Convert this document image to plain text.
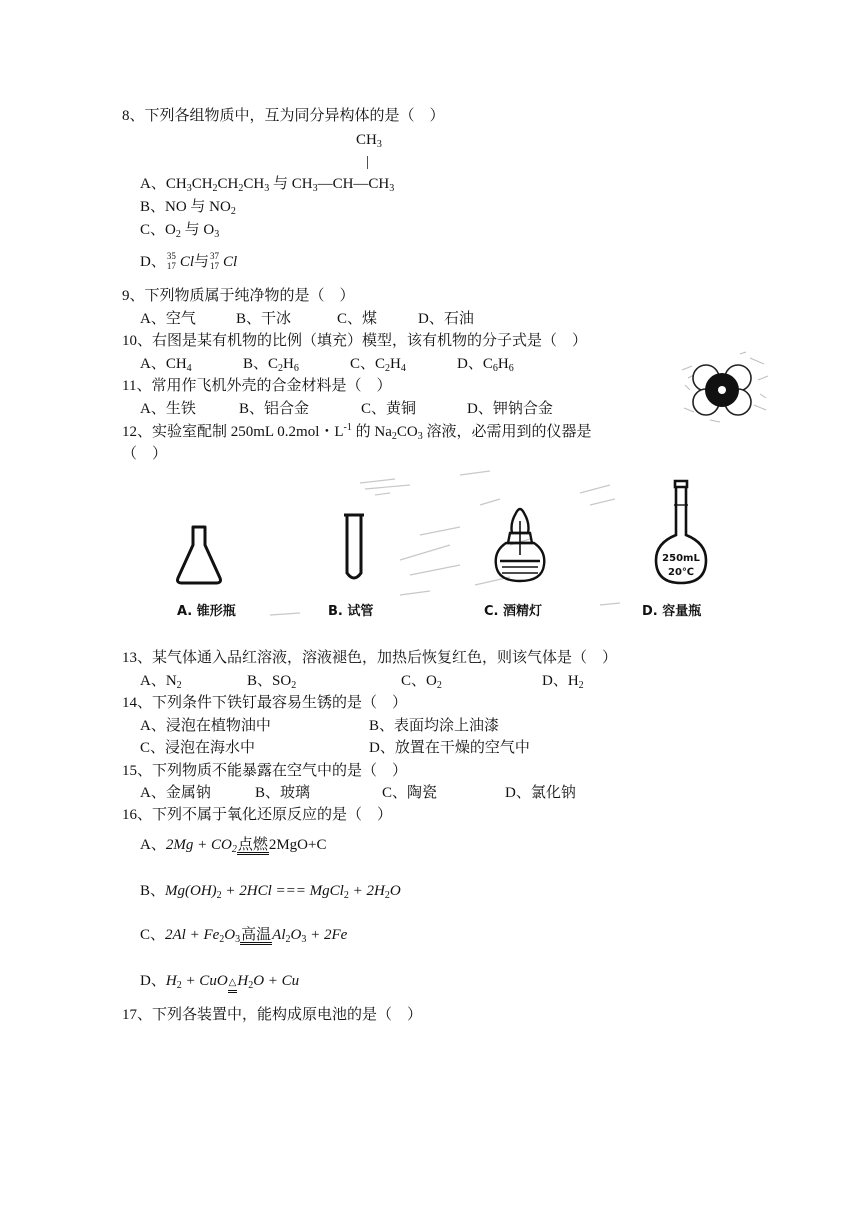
8、下列各组物质中，互为同分异构体的是（　）
$CH_3$
|
A、$CH_3CH_2CH_2CH_3$ 与 $CH_3—CH—CH_3$
B、NO 与 $NO_2$
C、$O_2$ 与 $O_3$
D、 35
17 Cl与 37
17 Cl
9、下列物质属于纯净物的是（　）
A、空气	B、干冰	C、煤	D、石油
10、右图是某有机物的比例（填充）模型，该有机物的分子式是（　）
A、$CH_4$	B、$C_2H_6$	C、$C_2H_4$	D、$C_6H_6$
11、常用作飞机外壳的合金材料是（　）
A、生铁	B、铝合金	C、黄铜	D、钾钠合金
12、实验室配制 250mL 0.2mol・$L^{-1}$ 的 $Na_2CO_3$ 溶液，必需用到的仪器是
（　）
250mL
20℃
A. 锥形瓶	B. 试管	C. 酒精灯	D. 容量瓶
13、某气体通入品红溶液，溶液褪色，加热后恢复红色，则该气体是（　）
A、$N_2$	B、$SO_2$	C、$O_2$	D、$H_2$
14、下列条件下铁钉最容易生锈的是（　）
A、浸泡在植物油中	B、表面均涂上油漆
C、浸泡在海水中	D、放置在干燥的空气中
15、下列物质不能暴露在空气中的是（　）
A、金属钠	B、玻璃	C、陶瓷	D、氯化钠
16、下列不属于氧化还原反应的是（　）
A、$2Mg + CO_2$点燃2MgO+C
B、$Mg(OH)_2 + 2HCl$ === MgCl$_2$ + $2H_2O$
C、$2Al + Fe_2O_3$高温$Al_2O_3 + 2Fe$
D、$H_2$ + $CuO\triangle H_2O + Cu$
17、下列各装置中，能构成原电池的是（　）
